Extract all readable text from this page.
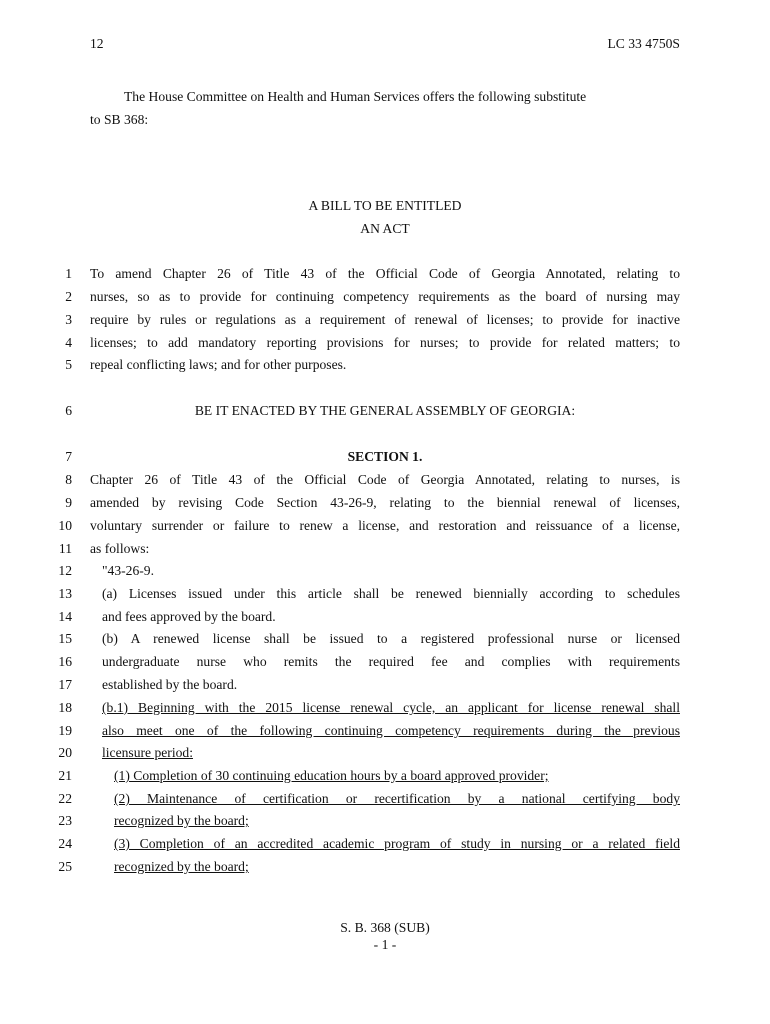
12	LC 33 4750S
The House Committee on Health and Human Services offers the following substitute
to SB 368:
A BILL TO BE ENTITLED
AN ACT
1 To amend Chapter 26 of Title 43 of the Official Code of Georgia Annotated, relating to
2 nurses, so as to provide for continuing competency requirements as the board of nursing may
3 require by rules or regulations as a requirement of renewal of licenses; to provide for inactive
4 licenses; to add mandatory reporting provisions for nurses; to provide for related matters; to
5 repeal conflicting laws; and for other purposes.
6	BE IT ENACTED BY THE GENERAL ASSEMBLY OF GEORGIA:
7	SECTION 1.
8 Chapter 26 of Title 43 of the Official Code of Georgia Annotated, relating to nurses, is
9 amended by revising Code Section 43-26-9, relating to the biennial renewal of licenses,
10 voluntary surrender or failure to renew a license, and restoration and reissuance of a license,
11 as follows:
12 "43-26-9.
13 (a) Licenses issued under this article shall be renewed biennially according to schedules
14 and fees approved by the board.
15 (b) A renewed license shall be issued to a registered professional nurse or licensed
16 undergraduate nurse who remits the required fee and complies with requirements
17 established by the board.
18 (b.1) Beginning with the 2015 license renewal cycle, an applicant for license renewal shall
19 also meet one of the following continuing competency requirements during the previous
20 licensure period:
21	(1) Completion of 30 continuing education hours by a board approved provider;
22	(2) Maintenance of certification or recertification by a national certifying body
23	recognized by the board;
24	(3) Completion of an accredited academic program of study in nursing or a related field
25	recognized by the board;
S. B. 368 (SUB)
- 1 -
